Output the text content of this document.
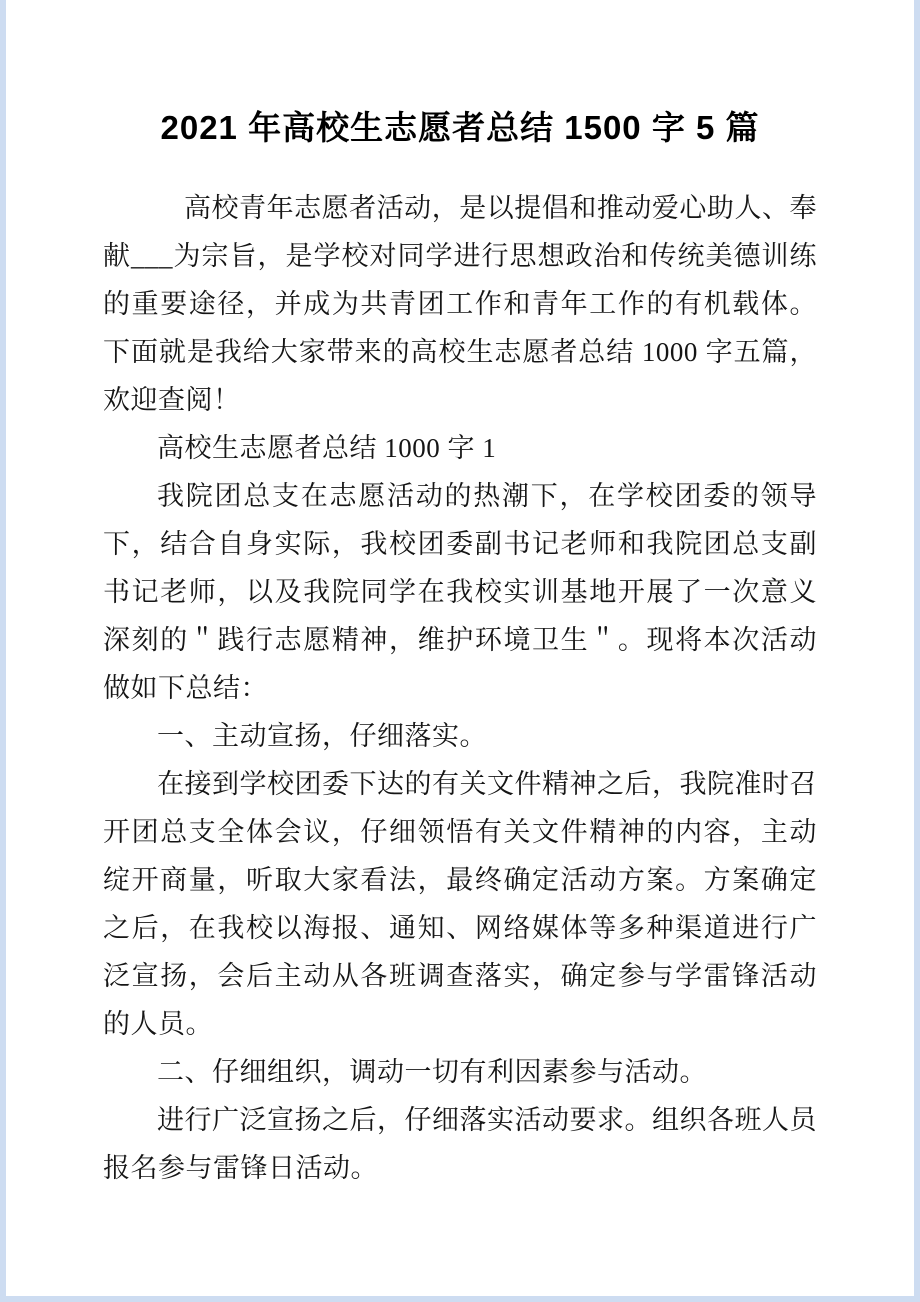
2021 年高校生志愿者总结 1500 字 5 篇

高校青年志愿者活动，是以提倡和推动爱心助人、奉献___为宗旨，是学校对同学进行思想政治和传统美德训练的重要途径，并成为共青团工作和青年工作的有机载体。下面就是我给大家带来的高校生志愿者总结 1000 字五篇，欢迎查阅！

高校生志愿者总结 1000 字 1

我院团总支在志愿活动的热潮下，在学校团委的领导下，结合自身实际，我校团委副书记老师和我院团总支副书记老师，以及我院同学在我校实训基地开展了一次意义深刻的＂践行志愿精神，维护环境卫生＂。现将本次活动做如下总结：

一、主动宣扬，仔细落实。

在接到学校团委下达的有关文件精神之后，我院准时召开团总支全体会议，仔细领悟有关文件精神的内容，主动绽开商量，听取大家看法，最终确定活动方案。方案确定之后，在我校以海报、通知、网络媒体等多种渠道进行广泛宣扬，会后主动从各班调查落实，确定参与学雷锋活动的人员。

二、仔细组织，调动一切有利因素参与活动。

进行广泛宣扬之后，仔细落实活动要求。组织各班人员报名参与雷锋日活动。
